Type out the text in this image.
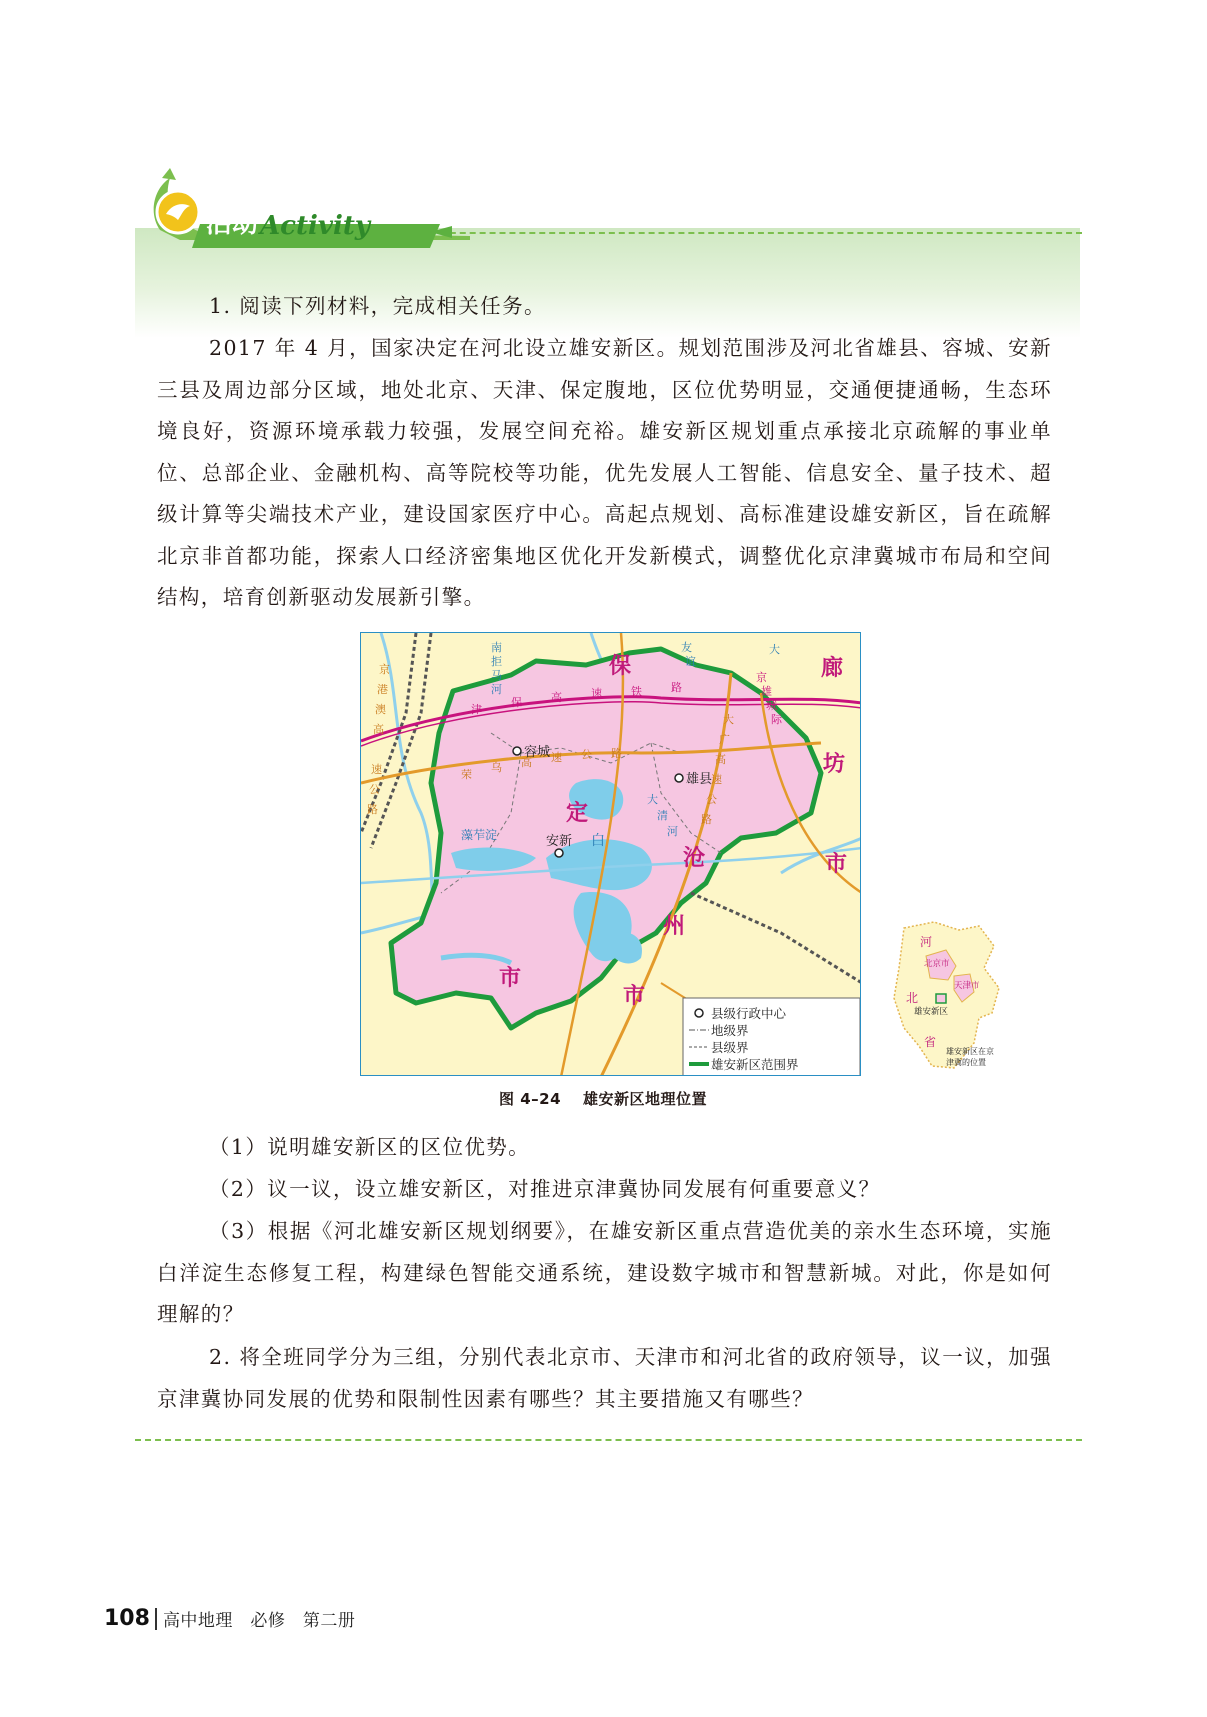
活动 Activity

1. 阅读下列材料，完成相关任务。

2017 年 4 月，国家决定在河北设立雄安新区。规划范围涉及河北省雄县、容城、安新三县及周边部分区域，地处北京、天津、保定腹地，区位优势明显，交通便捷通畅，生态环境良好，资源环境承载力较强，发展空间充裕。雄安新区规划重点承接北京疏解的事业单位、总部企业、金融机构、高等院校等功能，优先发展人工智能、信息安全、量子技术、超级计算等尖端技术产业，建设国家医疗中心。高起点规划、高标准建设雄安新区，旨在疏解北京非首都功能，探索人口经济密集地区优化开发新模式，调整优化京津冀城市布局和空间结构，培育创新驱动发展新引擎。

保
定
市
廊
坊
市
沧
州
市
容城
雄县
安新
藻苲淀	白
津
保	高	速	铁	路
荣
乌 高 速 公 路
大
广
高
速
公
路
京
港
澳
高
速
公
路
南
拒
马
河
友
谊
大
大
清
河
京
雄
城
际
县级行政中心
地级界
县级界
雄安新区范围界
河
北
省
北京市
天津市
雄安新区
雄安新区在京
津冀的位置
图 4–24 雄安新区地理位置

（1）说明雄安新区的区位优势。

（2）议一议，设立雄安新区，对推进京津冀协同发展有何重要意义？

（3）根据《河北雄安新区规划纲要》，在雄安新区重点营造优美的亲水生态环境，实施白洋淀生态修复工程，构建绿色智能交通系统，建设数字城市和智慧新城。对此，你是如何理解的？

2. 将全班同学分为三组，分别代表北京市、天津市和河北省的政府领导，议一议，加强京津冀协同发展的优势和限制性因素有哪些？其主要措施又有哪些？

108 高中地理　必修　第二册
